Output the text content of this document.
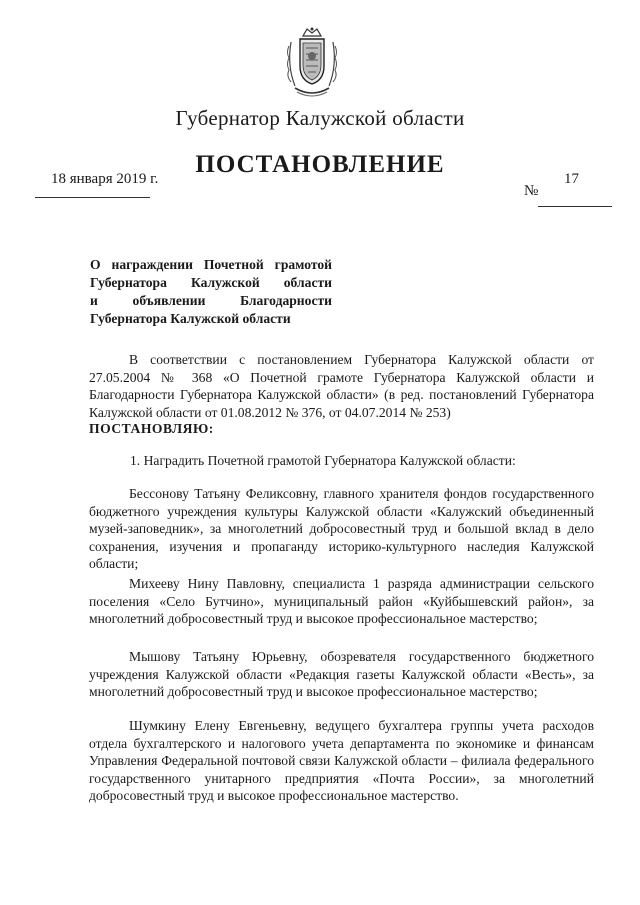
Губернатор Калужской области
ПОСТАНОВЛЕНИЕ
18 января 2019 г.
№
17
О награждении Почетной грамотой
Губернатора Калужской области
и объявлении Благодарности
Губернатора Калужской области

В соответствии с постановлением Губернатора Калужской области от 27.05.2004 № 368 «О Почетной грамоте Губернатора Калужской области и Благодарности Губернатора Калужской области» (в ред. постановлений Губернатора Калужской области от 01.08.2012 № 376, от 04.07.2014 № 253)

ПОСТАНОВЛЯЮ:
1. Наградить Почетной грамотой Губернатора Калужской области:

Бессонову Татьяну Феликсовну, главного хранителя фондов государственного бюджетного учреждения культуры Калужской области «Калужский объединенный музей-заповедник», за многолетний добросовестный труд и большой вклад в дело сохранения, изучения и пропаганду историко-культурного наследия Калужской области;

Михееву Нину Павловну, специалиста 1 разряда администрации сельского поселения «Село Бутчино», муниципальный район «Куйбышевский район», за многолетний добросовестный труд и высокое профессиональное мастерство;

Мышову Татьяну Юрьевну, обозревателя государственного бюджетного учреждения Калужской области «Редакция газеты Калужской области «Весть», за многолетний добросовестный труд и высокое профессиональное мастерство;

Шумкину Елену Евгеньевну, ведущего бухгалтера группы учета расходов отдела бухгалтерского и налогового учета департамента по экономике и финансам Управления Федеральной почтовой связи Калужской области – филиала федерального государственного унитарного предприятия «Почта России», за многолетний добросовестный труд и высокое профессиональное мастерство.
